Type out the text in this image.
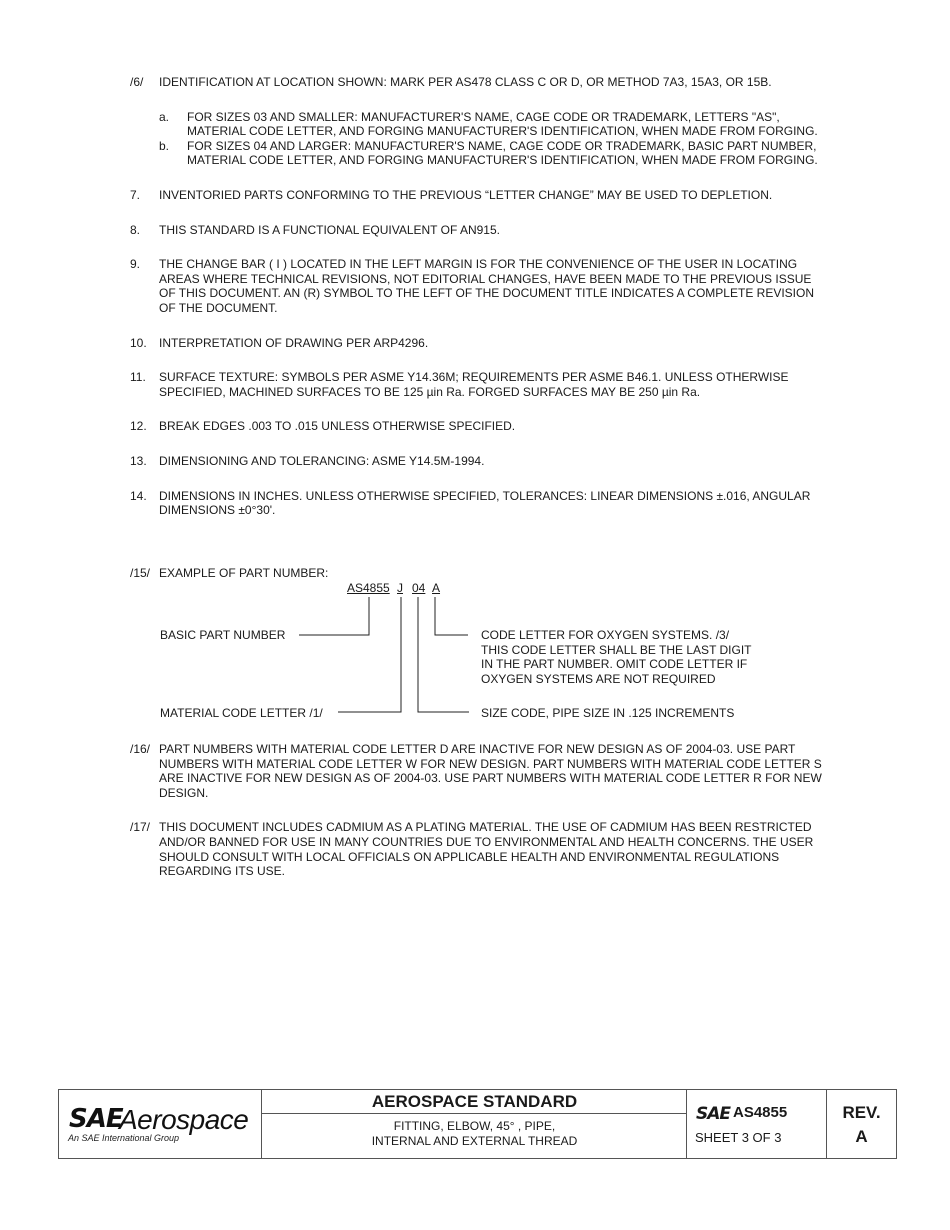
/6/ IDENTIFICATION AT LOCATION SHOWN: MARK PER AS478 CLASS C OR D, OR METHOD 7A3, 15A3, OR 15B.
a. FOR SIZES 03 AND SMALLER: MANUFACTURER'S NAME, CAGE CODE OR TRADEMARK, LETTERS "AS", MATERIAL CODE LETTER, AND FORGING MANUFACTURER'S IDENTIFICATION, WHEN MADE FROM FORGING.
b. FOR SIZES 04 AND LARGER: MANUFACTURER'S NAME, CAGE CODE OR TRADEMARK, BASIC PART NUMBER, MATERIAL CODE LETTER, AND FORGING MANUFACTURER'S IDENTIFICATION, WHEN MADE FROM FORGING.
7. INVENTORIED PARTS CONFORMING TO THE PREVIOUS “LETTER CHANGE” MAY BE USED TO DEPLETION.
8. THIS STANDARD IS A FUNCTIONAL EQUIVALENT OF AN915.
9. THE CHANGE BAR ( I ) LOCATED IN THE LEFT MARGIN IS FOR THE CONVENIENCE OF THE USER IN LOCATING AREAS WHERE TECHNICAL REVISIONS, NOT EDITORIAL CHANGES, HAVE BEEN MADE TO THE PREVIOUS ISSUE OF THIS DOCUMENT. AN (R) SYMBOL TO THE LEFT OF THE DOCUMENT TITLE INDICATES A COMPLETE REVISION OF THE DOCUMENT.
10. INTERPRETATION OF DRAWING PER ARP4296.
11. SURFACE TEXTURE: SYMBOLS PER ASME Y14.36M; REQUIREMENTS PER ASME B46.1. UNLESS OTHERWISE SPECIFIED, MACHINED SURFACES TO BE 125 µin Ra. FORGED SURFACES MAY BE 250 µin Ra.
12. BREAK EDGES .003 TO .015 UNLESS OTHERWISE SPECIFIED.
13. DIMENSIONING AND TOLERANCING: ASME Y14.5M-1994.
14. DIMENSIONS IN INCHES. UNLESS OTHERWISE SPECIFIED, TOLERANCES: LINEAR DIMENSIONS ±.016, ANGULAR DIMENSIONS ±0°30'.
/15/ EXAMPLE OF PART NUMBER:
AS4855 J 04 A
BASIC PART NUMBER
MATERIAL CODE LETTER /1/
CODE LETTER FOR OXYGEN SYSTEMS. /3/
THIS CODE LETTER SHALL BE THE LAST DIGIT
IN THE PART NUMBER. OMIT CODE LETTER IF
OXYGEN SYSTEMS ARE NOT REQUIRED
SIZE CODE, PIPE SIZE IN .125 INCREMENTS
/16/ PART NUMBERS WITH MATERIAL CODE LETTER D ARE INACTIVE FOR NEW DESIGN AS OF 2004-03. USE PART NUMBERS WITH MATERIAL CODE LETTER W FOR NEW DESIGN. PART NUMBERS WITH MATERIAL CODE LETTER S ARE INACTIVE FOR NEW DESIGN AS OF 2004-03. USE PART NUMBERS WITH MATERIAL CODE LETTER R FOR NEW DESIGN.
/17/ THIS DOCUMENT INCLUDES CADMIUM AS A PLATING MATERIAL. THE USE OF CADMIUM HAS BEEN RESTRICTED AND/OR BANNED FOR USE IN MANY COUNTRIES DUE TO ENVIRONMENTAL AND HEALTH CONCERNS. THE USER SHOULD CONSULT WITH LOCAL OFFICIALS ON APPLICABLE HEALTH AND ENVIRONMENTAL REGULATIONS REGARDING ITS USE.
SAE
Aerospace
An SAE International Group
AEROSPACE STANDARD
FITTING, ELBOW, 45° , PIPE,
INTERNAL AND EXTERNAL THREAD
SAE AS4855
SHEET 3 OF 3
REV.
A
